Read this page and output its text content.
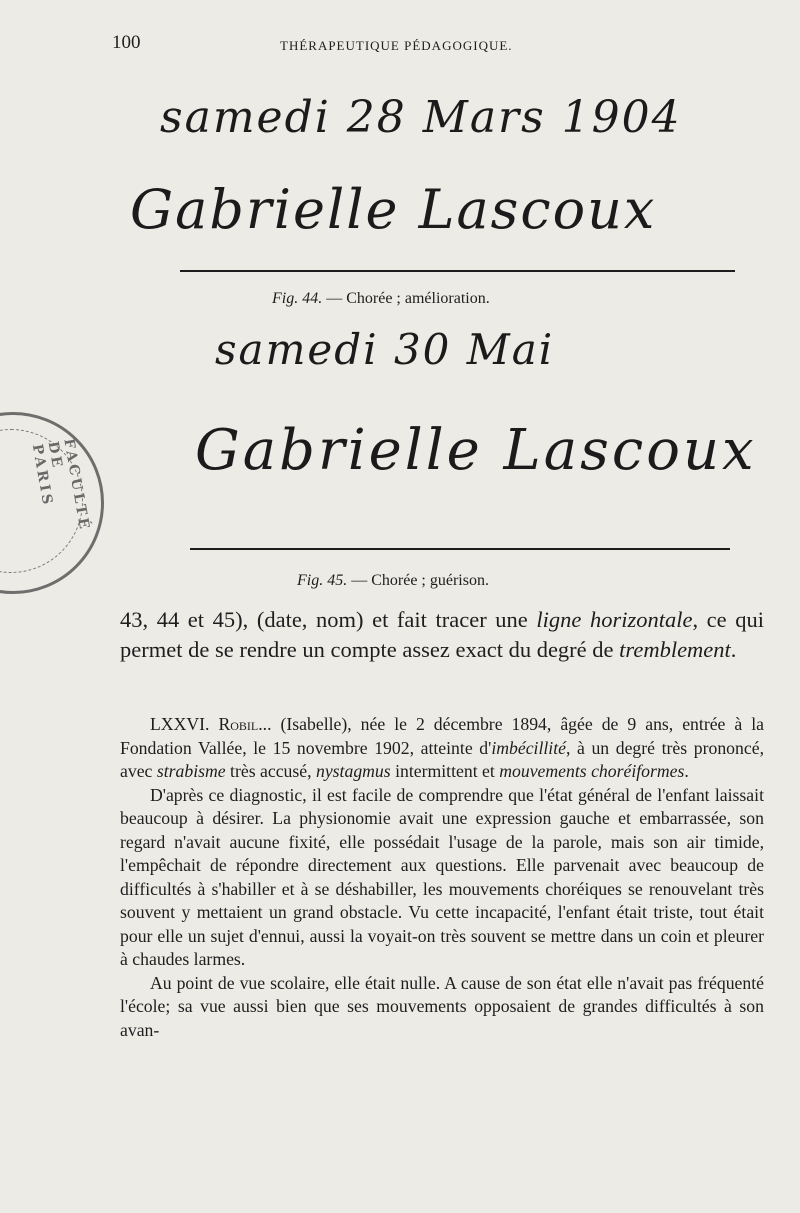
100	THÉRAPEUTIQUE PÉDAGOGIQUE.
FACULTÉ DE PARIS
samedi 28 Mars 1904
Gabrielle Lascoux
Fig. 44. — Chorée ; amélioration.
samedi 30 Mai
Gabrielle Lascoux
Fig. 45. — Chorée ; guérison.
43, 44 et 45), (date, nom) et fait tracer une ligne horizontale, ce qui permet de se rendre un compte assez exact du degré de tremblement.

LXXVI. Robil... (Isabelle), née le 2 décembre 1894, âgée de 9 ans, entrée à la Fondation Vallée, le 15 novembre 1902, atteinte d'imbécillité, à un degré très prononcé, avec strabisme très accusé, nystagmus intermittent et mouvements choréiformes.

D'après ce diagnostic, il est facile de comprendre que l'état général de l'enfant laissait beaucoup à désirer. La physionomie avait une expression gauche et embarrassée, son regard n'avait aucune fixité, elle possédait l'usage de la parole, mais son air timide, l'empêchait de répondre directement aux questions. Elle parvenait avec beaucoup de difficultés à s'habiller et à se déshabiller, les mouvements choréiques se renouvelant très souvent y mettaient un grand obstacle. Vu cette incapacité, l'enfant était triste, tout était pour elle un sujet d'ennui, aussi la voyait-on très souvent se mettre dans un coin et pleurer à chaudes larmes.

Au point de vue scolaire, elle était nulle. A cause de son état elle n'avait pas fréquenté l'école; sa vue aussi bien que ses mouvements opposaient de grandes difficultés à son avan-
